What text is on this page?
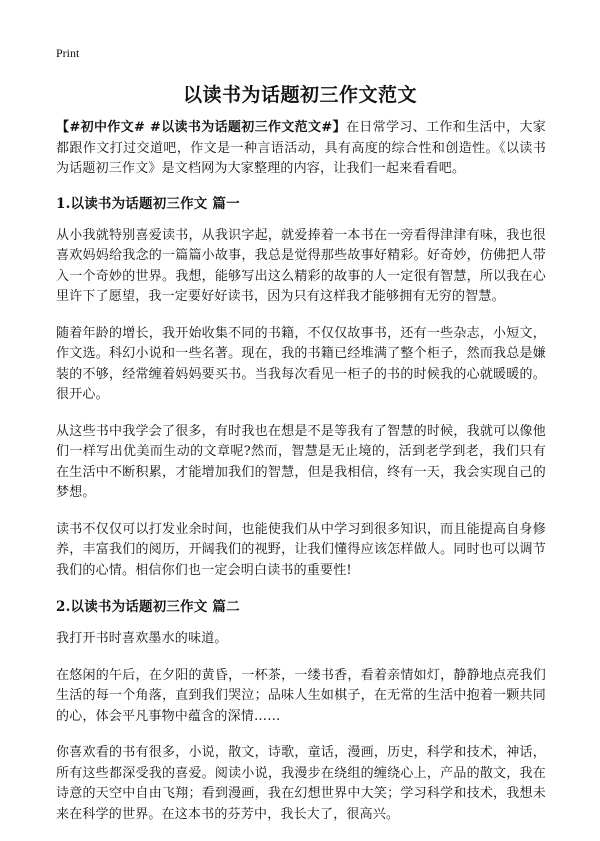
Print
以读书为话题初三作文范文

【#初中作文# #以读书为话题初三作文范文#】在日常学习、工作和生活中，大家都跟作文打过交道吧，作文是一种言语活动，具有高度的综合性和创造性。《以读书为话题初三作文》是文档网为大家整理的内容，让我们一起来看看吧。

1.以读书为话题初三作文 篇一

从小我就特别喜爱读书，从我识字起，就爱捧着一本书在一旁看得津津有味，我也很喜欢妈妈给我念的一篇篇小故事，我总是觉得那些故事好精彩。好奇妙，仿佛把人带入一个奇妙的世界。我想，能够写出这么精彩的故事的人一定很有智慧，所以我在心里许下了愿望，我一定要好好读书，因为只有这样我才能够拥有无穷的智慧。

随着年龄的增长，我开始收集不同的书籍，不仅仅故事书，还有一些杂志，小短文，作文选。科幻小说和一些名著。现在，我的书籍已经堆满了整个柜子，然而我总是嫌装的不够，经常缠着妈妈要买书。当我每次看见一柜子的书的时候我的心就暖暖的。很开心。

从这些书中我学会了很多，有时我也在想是不是等我有了智慧的时候，我就可以像他们一样写出优美而生动的文章呢?然而，智慧是无止境的，活到老学到老，我们只有在生活中不断积累，才能增加我们的智慧，但是我相信，终有一天，我会实现自己的梦想。

读书不仅仅可以打发业余时间，也能使我们从中学习到很多知识，而且能提高自身修养，丰富我们的阅历，开阔我们的视野，让我们懂得应该怎样做人。同时也可以调节我们的心情。相信你们也一定会明白读书的重要性!

2.以读书为话题初三作文 篇二

我打开书时喜欢墨水的味道。

在悠闲的午后，在夕阳的黄昏，一杯茶，一缕书香，看着亲情如灯，静静地点亮我们生活的每一个角落，直到我们哭泣；品味人生如棋子，在无常的生活中抱着一颗共同的心，体会平凡事物中蕴含的深情……

你喜欢看的书有很多，小说，散文，诗歌，童话，漫画，历史，科学和技术，神话，所有这些都深受我的喜爱。阅读小说，我漫步在绕组的缠绕心上，产品的散文，我在诗意的天空中自由飞翔；看到漫画，我在幻想世界中大笑；学习科学和技术，我想未来在科学的世界。在这本书的芬芳中，我长大了，很高兴。
